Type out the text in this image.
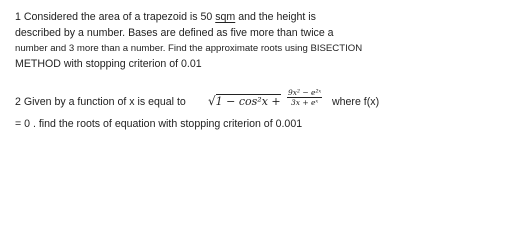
1 Considered the area of a trapezoid is 50 sqm and the height is
described by a number. Bases are defined as five more than twice a
number and 3 more than a number. Find the approximate roots using BISECTION
METHOD with stopping criterion of 0.01
2 Given by a function of x is equal to $√1 - \cos^2x + \frac{\text{9x² − e²ˣ}}{\text{3x + eˣ}}$ where f(x)
= 0 . find the roots of equation with stopping criterion of 0.001
